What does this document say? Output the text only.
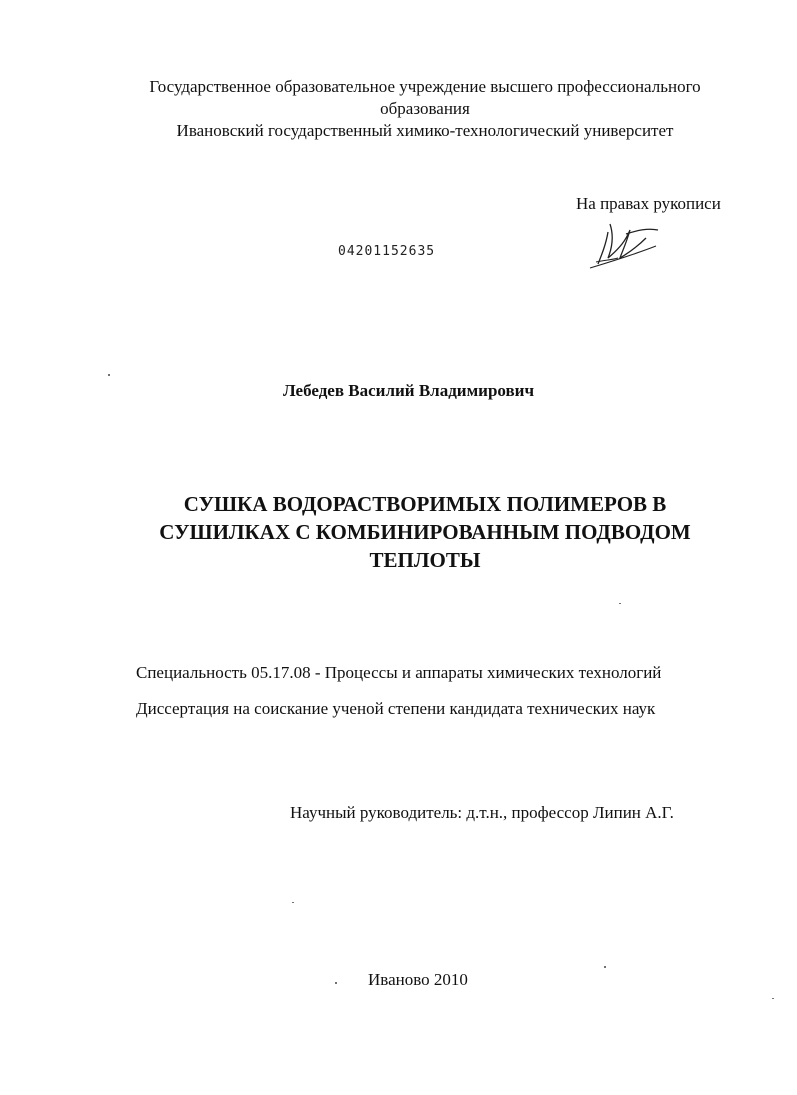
Государственное образовательное учреждение высшего профессионального
образования
Ивановский государственный химико-технологический университет
На правах рукописи
04201152635
Лебедев Василий Владимирович
СУШКА ВОДОРАСТВОРИМЫХ ПОЛИМЕРОВ В
СУШИЛКАХ С КОМБИНИРОВАННЫМ ПОДВОДОМ
ТЕПЛОТЫ
Специальность 05.17.08 - Процессы и аппараты химических технологий
Диссертация на соискание ученой степени кандидата технических наук
Научный руководитель: д.т.н., профессор Липин А.Г.
Иваново 2010
